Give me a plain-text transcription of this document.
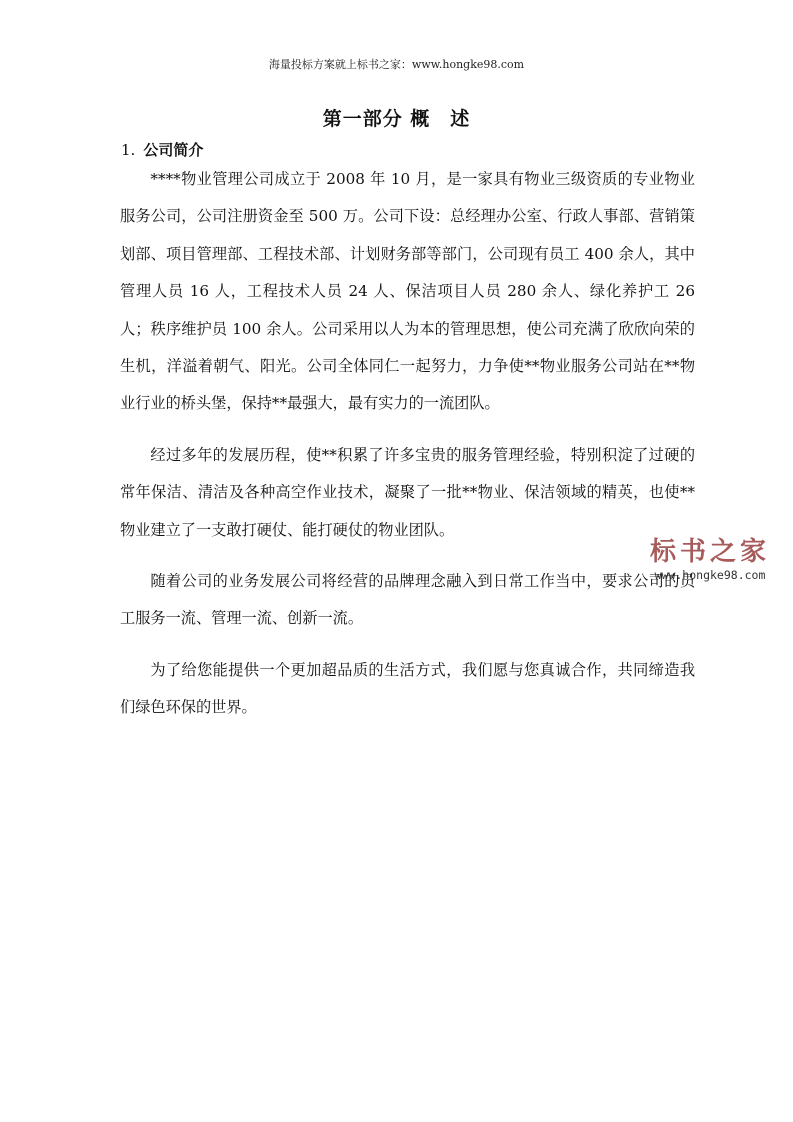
海量投标方案就上标书之家：www.hongke98.com
第一部分 概　述
1. 公司简介

****物业管理公司成立于 2008 年 10 月，是一家具有物业三级资质的专业物业服务公司，公司注册资金至 500 万。公司下设：总经理办公室、行政人事部、营销策划部、项目管理部、工程技术部、计划财务部等部门，公司现有员工 400 余人，其中管理人员 16 人，工程技术人员 24 人、保洁项目人员 280 余人、绿化养护工 26 人；秩序维护员 100 余人。公司采用以人为本的管理思想，使公司充满了欣欣向荣的生机，洋溢着朝气、阳光。公司全体同仁一起努力，力争使**物业服务公司站在**物业行业的桥头堡，保持**最强大，最有实力的一流团队。

经过多年的发展历程，使**积累了许多宝贵的服务管理经验，特别积淀了过硬的常年保洁、清洁及各种高空作业技术，凝聚了一批**物业、保洁领域的精英，也使**物业建立了一支敢打硬仗、能打硬仗的物业团队。

随着公司的业务发展公司将经营的品牌理念融入到日常工作当中，要求公司的员工服务一流、管理一流、创新一流。

为了给您能提供一个更加超品质的生活方式，我们愿与您真诚合作，共同缔造我们绿色环保的世界。

标书之家
www.hongke98.com
